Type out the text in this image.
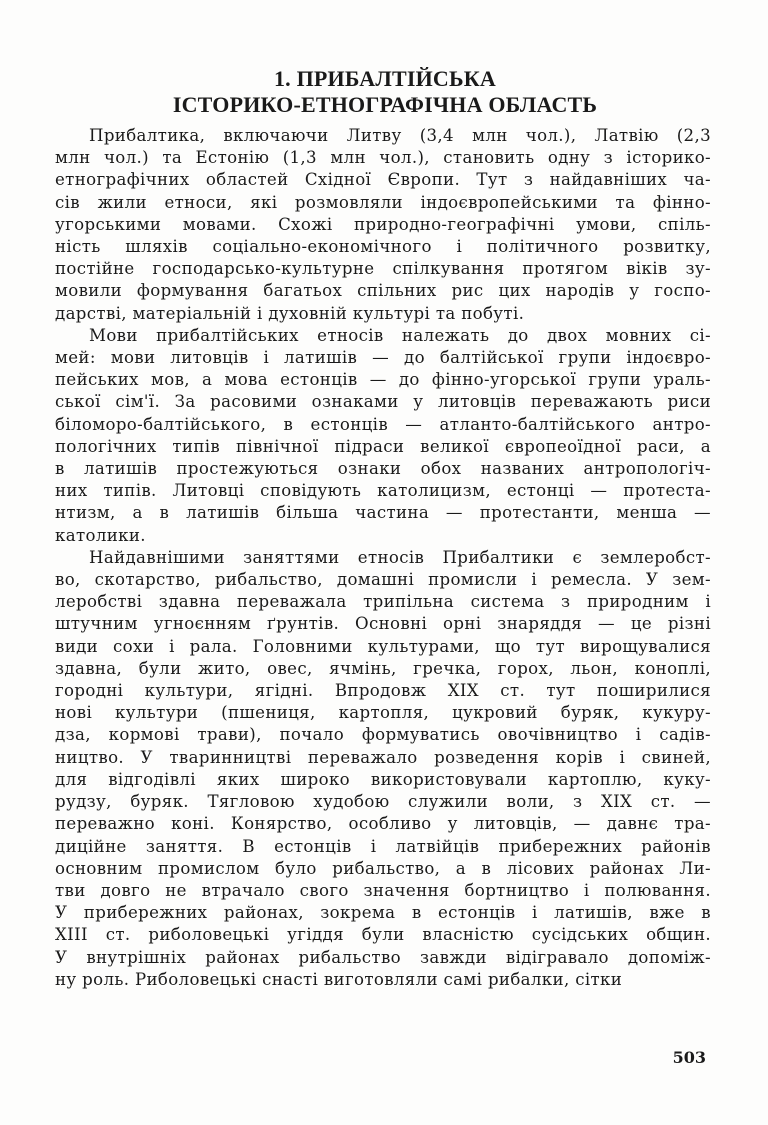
1. ПРИБАЛТІЙСЬКА
ІСТОРИКО-ЕТНОГРАФІЧНА ОБЛАСТЬ

Прибалтика, включаючи Литву (3,4 млн чол.), Латвію (2,3
млн чол.) та Естонію (1,3 млн чол.), становить одну з історико-
етнографічних областей Східної Європи. Тут з найдавніших ча-
сів жили етноси, які розмовляли індоєвропейськими та фінно-
угорськими мовами. Схожі природно-географічні умови, спіль-
ність шляхів соціально-економічного і політичного розвитку,
постійне господарсько-культурне спілкування протягом віків зу-
мовили формування багатьох спільних рис цих народів у госпо-
дарстві, матеріальній і духовній культурі та побуті.

Мови прибалтійських етносів належать до двох мовних сі-
мей: мови литовців і латишів — до балтійської групи індоєвро-
пейських мов, а мова естонців — до фінно-угорської групи ураль-
ської сім'ї. За расовими ознаками у литовців переважають риси
біломоро-балтійського, в естонців — атланто-балтійського антро-
пологічних типів північної підраси великої європеоїдної раси, а
в латишів простежуються ознаки обох названих антропологіч-
них типів. Литовці сповідують католицизм, естонці — протеста-
нтизм, а в латишів більша частина — протестанти, менша —
католики.

Найдавнішими заняттями етносів Прибалтики є землеробст-
во, скотарство, рибальство, домашні промисли і ремесла. У зем-
леробстві здавна переважала трипільна система з природним і
штучним угноєнням ґрунтів. Основні орні знаряддя — це різні
види сохи і рала. Головними культурами, що тут вирощувалися
здавна, були жито, овес, ячмінь, гречка, горох, льон, коноплі,
городні культури, ягідні. Впродовж XIX ст. тут поширилися
нові культури (пшениця, картопля, цукровий буряк, кукуру-
дза, кормові трави), почало формуватись овочівництво і садів-
ництво. У тваринництві переважало розведення корів і свиней,
для відгодівлі яких широко використовували картоплю, куку-
рудзу, буряк. Тягловою худобою служили воли, з XIX ст. —
переважно коні. Конярство, особливо у литовців, — давнє тра-
диційне заняття. В естонців і латвійців прибережних районів
основним промислом було рибальство, а в лісових районах Ли-
тви довго не втрачало свого значення бортництво і полювання.
У прибережних районах, зокрема в естонців і латишів, вже в
XIII ст. риболовецькі угіддя були власністю сусідських общин.
У внутрішніх районах рибальство завжди відігравало допоміж-
ну роль. Риболовецькі снасті виготовляли самі рибалки, сітки

503
